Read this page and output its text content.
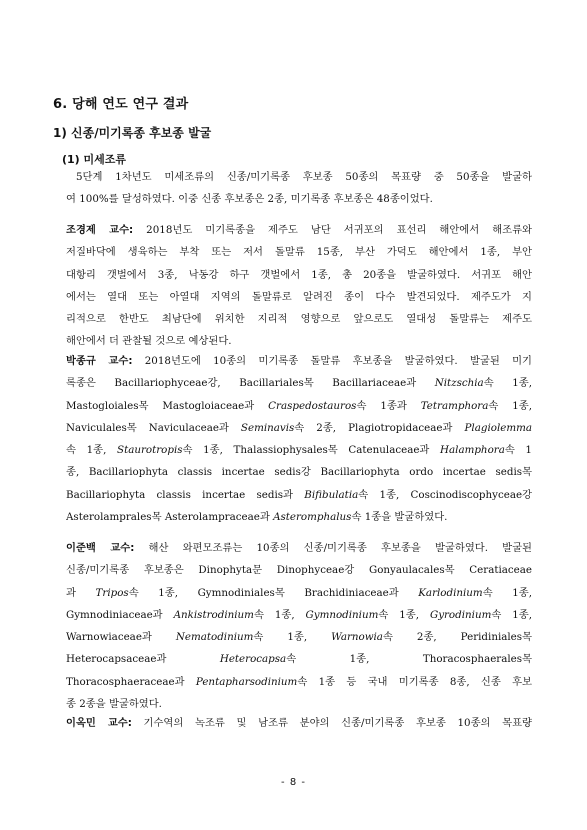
6. 당해 연도 연구 결과
1) 신종/미기록종 후보종 발굴
(1) 미세조류
5단계 1차년도 미세조류의 신종/미기록종 후보종 50종의 목표량 중 50종을 발굴하
여 100%를 달성하였다. 이중 신종 후보종은 2종, 미기록종 후보종은 48종이었다.
조경제 교수: 2018년도 미기록종을 제주도 남단 서귀포의 표선리 해안에서 해조류와
저질바닥에 생육하는 부착 또는 저서 돌말류 15종, 부산 가덕도 해안에서 1종, 부안
대항리 갯벌에서 3종, 낙동강 하구 갯벌에서 1종, 총 20종을 발굴하였다. 서귀포 해안
에서는 열대 또는 아열대 지역의 돌말류로 알려진 종이 다수 발견되었다. 제주도가 지
리적으로 한반도 최남단에 위치한 지리적 영향으로 앞으로도 열대성 돌말류는 제주도
해안에서 더 관찰될 것으로 예상된다.
박종규 교수: 2018년도에 10종의 미기록종 돌말류 후보종을 발굴하였다. 발굴된 미기
록종은 Bacillariophyceae강, Bacillariales목 Bacillariaceae과 Nitzschia속 1종,
Mastogloiales목 Mastogloiaceae과 Craspedostauros속 1종과 Tetramphora속 1종,
Naviculales목 Naviculaceae과 Seminavis속 2종, Plagiotropidaceae과 Plagiolemma
속 1종, Staurotropis속 1종, Thalassiophysales목 Catenulaceae과 Halamphora속 1
종, Bacillariophyta classis incertae sedis강 Bacillariophyta ordo incertae sedis목
Bacillariophyta classis incertae sedis과 Bifibulatia속 1종, Coscinodiscophyceae강
Asterolamprales목 Asterolampraceae과 Asteromphalus속 1종을 발굴하였다.
이준백 교수: 해산 와편모조류는 10종의 신종/미기록종 후보종을 발굴하였다. 발굴된
신종/미기록종 후보종은 Dinophyta문 Dinophyceae강 Gonyaulacales목 Ceratiaceae
과 Tripos속 1종, Gymnodiniales목 Brachidiniaceae과 Karlodinium속 1종,
Gymnodiniaceae과 Ankistrodinium속 1종, Gymnodinium속 1종, Gyrodinium속 1종,
Warnowiaceae과 Nematodinium속 1종, Warnowia속 2종, Peridiniales목
Heterocapsaceae과 Heterocapsa속 1종, Thoracosphaerales목
Thoracosphaeraceae과 Pentapharsodinium속 1종 등 국내 미기록종 8종, 신종 후보
종 2종을 발굴하였다.
이옥민 교수: 기수역의 녹조류 및 남조류 분야의 신종/미기록종 후보종 10종의 목표량
- 8 -
